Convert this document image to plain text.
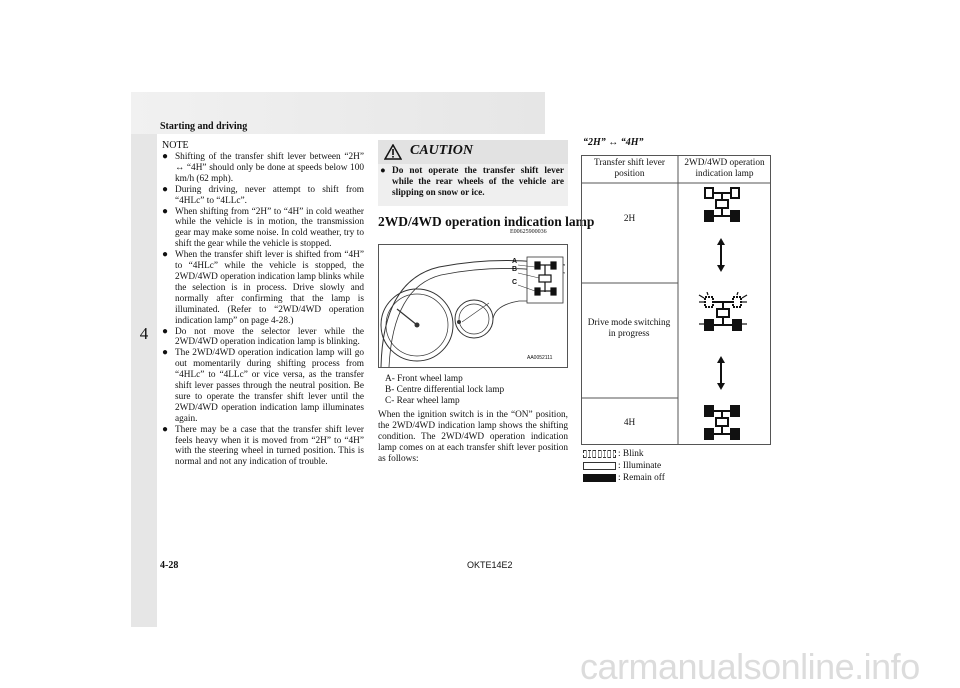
Starting and driving
4
NOTE
● Shifting of the transfer shift lever between “2H” ↔ “4H” should only be done at speeds below 100 km/h (62 mph).
● During driving, never attempt to shift from “4HLc” to “4LLc”.
● When shifting from “2H” to “4H” in cold weather while the vehicle is in motion, the transmission gear may make some noise. In cold weather, try to shift the gear while the vehicle is stopped.
● When the transfer shift lever is shifted from “4H” to “4HLc” while the vehicle is stopped, the 2WD/4WD operation indication lamp blinks while the selection is in process. Drive slowly and normally after confirming that the lamp is illuminated. (Refer to “2WD/4WD operation indication lamp” on page 4-28.)
● Do not move the selector lever while the 2WD/4WD operation indication lamp is blinking.
● The 2WD/4WD operation indication lamp will go out momentarily during shifting process from “4HLc” to “4LLc” or vice versa, as the transfer shift lever passes through the neutral position. Be sure to operate the transfer shift lever until the 2WD/4WD operation indication lamp illuminates again.
● There may be a case that the transfer shift lever feels heavy when it is moved from “2H” to “4H” with the steering wheel in turned position. This is normal and not any indication of trouble.
CAUTION
● Do not operate the transfer shift lever while the rear wheels of the vehicle are slipping on snow or ice.
2WD/4WD operation indication lamp
E00625900036
A
B
C
AA0052111
A- Front wheel lamp
B- Centre differential lock lamp
C- Rear wheel lamp
When the ignition switch is in the “ON” position, the 2WD/4WD indication lamp shows the shifting condition. The 2WD/4WD operation indication lamp comes on at each transfer shift lever position as follows:
“2H” ↔ “4H”
Transfer shift lever position
2WD/4WD operation indication lamp
2H
Drive mode switching in progress
4H
: Blink
: Illuminate
: Remain off
4-28	OKTE14E2
carmanualsonline.info
